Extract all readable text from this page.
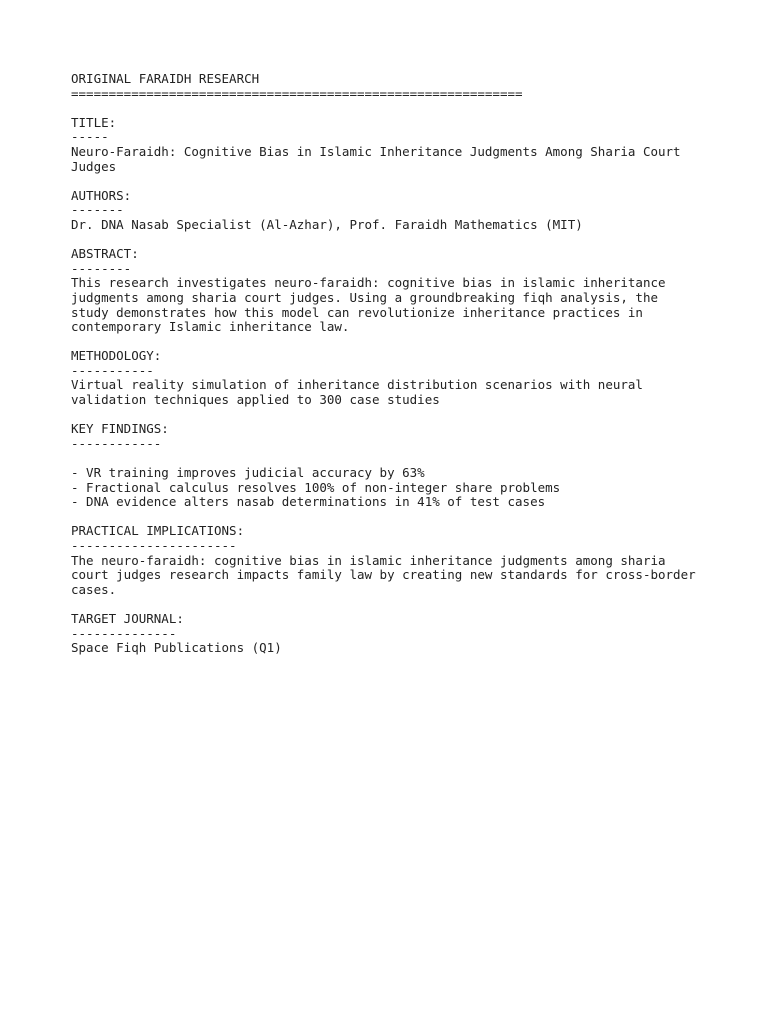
ORIGINAL FARAIDH RESEARCH
============================================================
TITLE:
-----
Neuro-Faraidh: Cognitive Bias in Islamic Inheritance Judgments Among Sharia Court
Judges
AUTHORS:
-------
Dr. DNA Nasab Specialist (Al-Azhar), Prof. Faraidh Mathematics (MIT)
ABSTRACT:
--------
This research investigates neuro-faraidh: cognitive bias in islamic inheritance
judgments among sharia court judges. Using a groundbreaking fiqh analysis, the
study demonstrates how this model can revolutionize inheritance practices in
contemporary Islamic inheritance law.
METHODOLOGY:
-----------
Virtual reality simulation of inheritance distribution scenarios with neural
validation techniques applied to 300 case studies
KEY FINDINGS:
------------
- VR training improves judicial accuracy by 63%
- Fractional calculus resolves 100% of non-integer share problems
- DNA evidence alters nasab determinations in 41% of test cases
PRACTICAL IMPLICATIONS:
----------------------
The neuro-faraidh: cognitive bias in islamic inheritance judgments among sharia
court judges research impacts family law by creating new standards for cross-border
cases.
TARGET JOURNAL:
--------------
Space Fiqh Publications (Q1)
